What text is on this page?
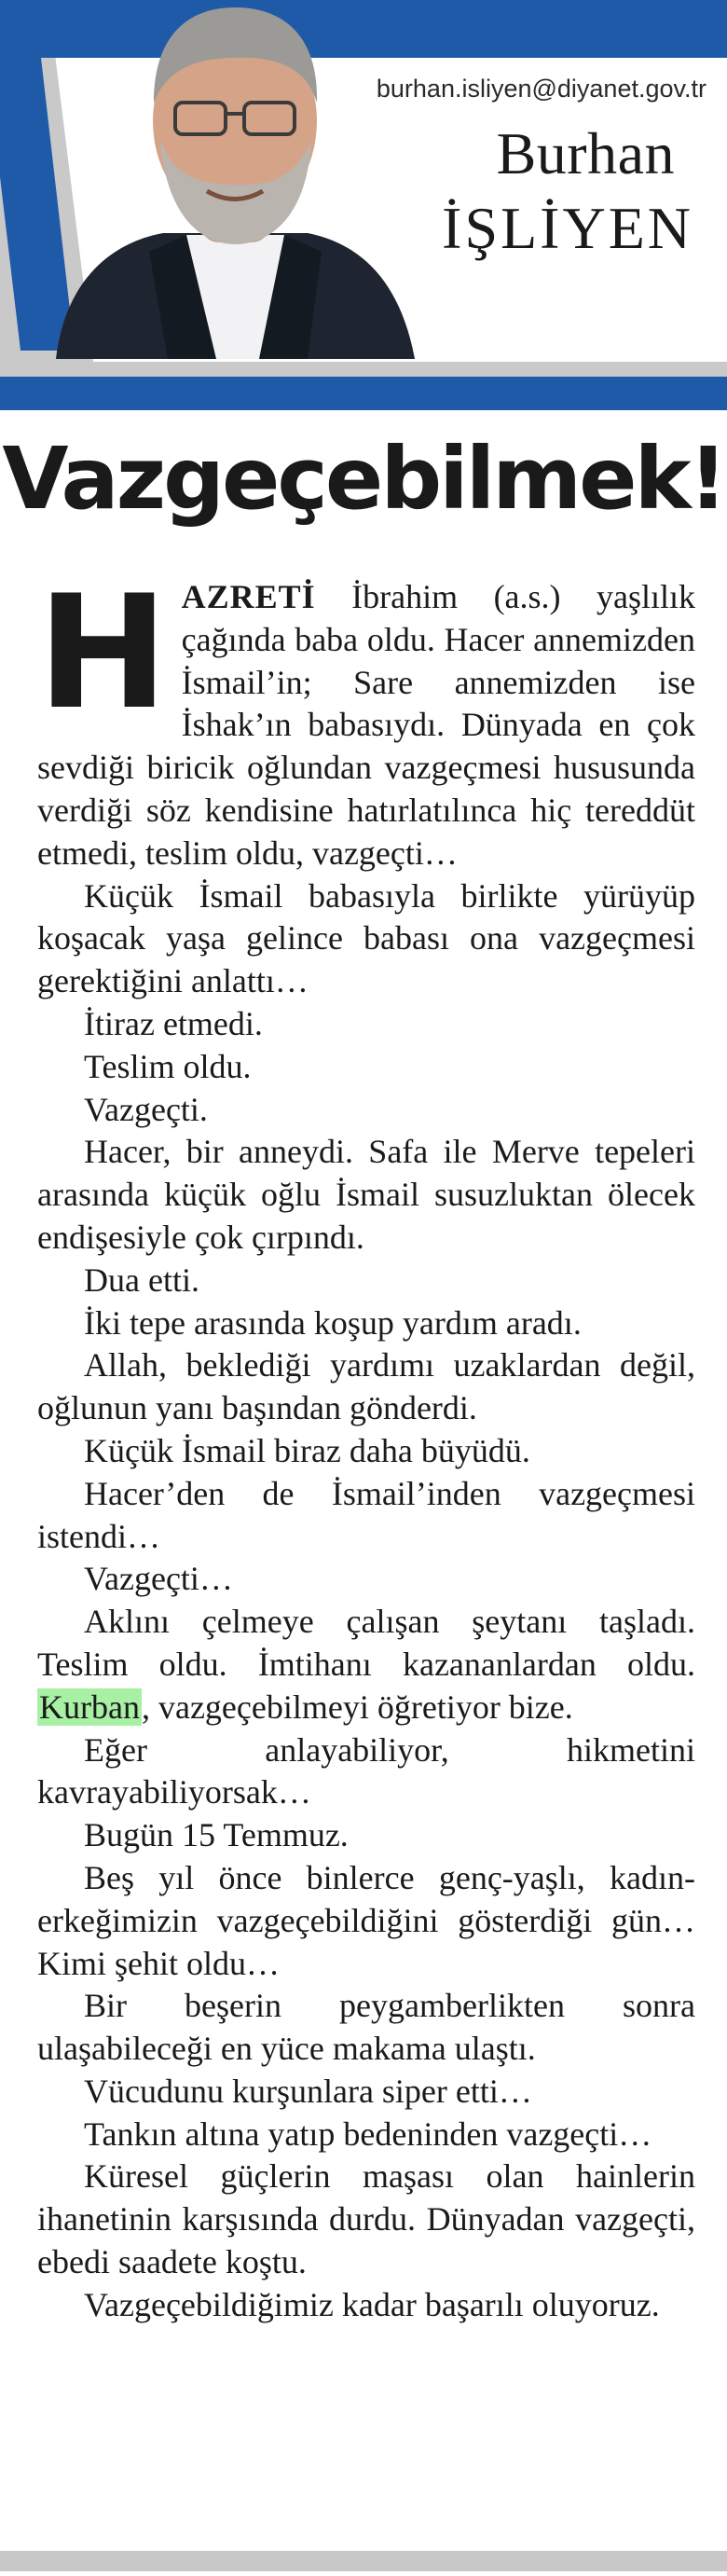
burhan.isliyen@diyanet.gov.tr
Burhan
İŞLİYEN
Vazgeçebilmek!

HAZRETİ İbrahim (a.s.) yaşlılık çağında baba oldu. Hacer annemizden İsmail’in; Sare annemizden ise İshak’ın babasıydı. Dünyada en çok sevdiği biricik oğlundan vazgeçmesi hususunda verdiği söz kendisine hatırlatılınca hiç tereddüt etmedi, teslim oldu, vazgeçti…

Küçük İsmail babasıyla birlikte yürüyüp koşacak yaşa gelince babası ona vazgeçmesi gerektiğini anlattı…

İtiraz etmedi.

Teslim oldu.

Vazgeçti.

Hacer, bir anneydi. Safa ile Merve tepeleri arasında küçük oğlu İsmail susuzluktan ölecek endişesiyle çok çırpındı.

Dua etti.

İki tepe arasında koşup yardım aradı.

Allah, beklediği yardımı uzaklardan değil, oğlunun yanı başından gönderdi.

Küçük İsmail biraz daha büyüdü.

Hacer’den de İsmail’inden vazgeçmesi istendi…

Vazgeçti…

Aklını çelmeye çalışan şeytanı taşladı. Teslim oldu. İmtihanı kazananlardan oldu. Kurban, vazgeçebilmeyi öğretiyor bize.

Eğer anlayabiliyor, hikmetini kavrayabiliyorsak…

Bugün 15 Temmuz.

Beş yıl önce binlerce genç-yaşlı, kadın-erkeğimizin vazgeçebildiğini gösterdiği gün… Kimi şehit oldu…

Bir beşerin peygamberlikten sonra ulaşabileceği en yüce makama ulaştı.

Vücudunu kurşunlara siper etti…

Tankın altına yatıp bedeninden vazgeçti…

Küresel güçlerin maşası olan hainlerin ihanetinin karşısında durdu. Dünyadan vazgeçti, ebedi saadete koştu.

Vazgeçebildiğimiz kadar başarılı oluyoruz.
